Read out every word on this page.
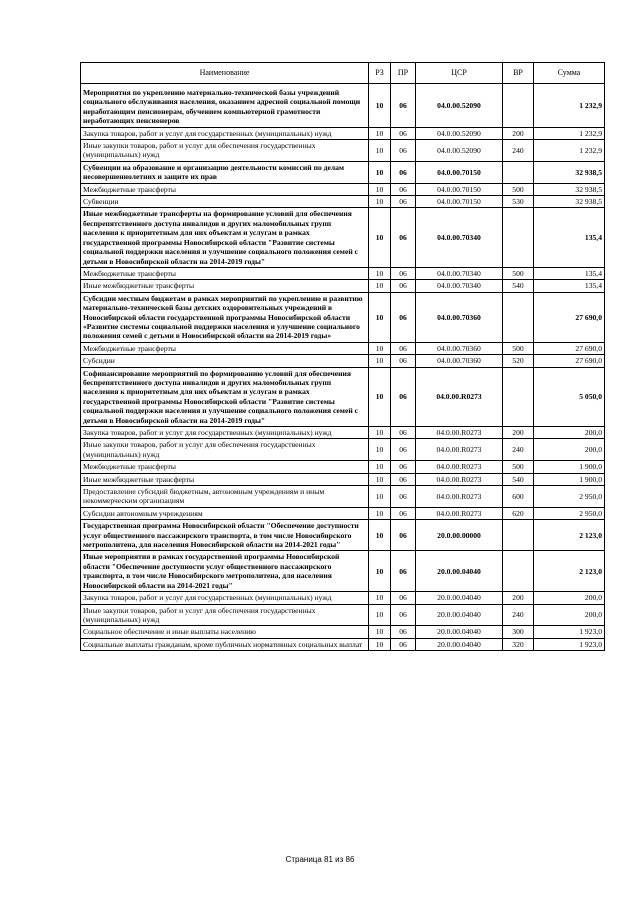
Наименование	РЗ	ПР	ЦСР	ВР	Сумма
Мероприятия по укреплению материально-технической базы учреждений социального обслуживания населения, оказанием адресной социальной помощи неработающим пенсионерам, обучением компьютерной грамотности неработающих пенсионеров	10	06	04.0.00.52090		1 232,9
Закупка товаров, работ и услуг для государственных (муниципальных) нужд	10	06	04.0.00.52090	200	1 232,9
Иные закупки товаров, работ и услуг для обеспечения государственных (муниципальных) нужд	10	06	04.0.00.52090	240	1 232,9
Субвенции на образование и организацию деятельности комиссий по делам несовершеннолетних и защите их прав	10	06	04.0.00.70150		32 938,5
Межбюджетные трансферты	10	06	04.0.00.70150	500	32 938,5
Субвенции	10	06	04.0.00.70150	530	32 938,5
Иные межбюджетные трансферты на формирование условий для обеспечения беспрепятственного доступа инвалидов и других маломобильных групп населения к приоритетным для них объектам и услугам в рамках государственной программы Новосибирской области "Развитие системы социальной поддержки населения и улучшение социального положения семей с детьми в Новосибирской области на 2014-2019 годы"	10	06	04.0.00.70340		135,4
Межбюджетные трансферты	10	06	04.0.00.70340	500	135,4
Иные межбюджетные трансферты	10	06	04.0.00.70340	540	135,4
Субсидии местным бюджетам в рамках мероприятий по укреплению и развитию материально-технической базы детских оздоровительных учреждений в Новосибирской области государственной программы Новосибирской области «Развитие системы социальной поддержки населения и улучшение социального положения семей с детьми в Новосибирской области на 2014-2019 годы»	10	06	04.0.00.70360		27 690,0
Межбюджетные трансферты	10	06	04.0.00.70360	500	27 690,0
Субсидии	10	06	04.0.00.70360	520	27 690,0
Софинансирование мероприятий по формированию условий для обеспечения беспрепятственного доступа инвалидов и других маломобильных групп населения к приоритетным для них объектам и услугам в рамках государственной программы Новосибирской области "Развитие системы социальной поддержки населения и улучшение социального положения семей с детьми в Новосибирской области на 2014-2019 годы"	10	06	04.0.00.R0273		5 050,0
Закупка товаров, работ и услуг для государственных (муниципальных) нужд	10	06	04.0.00.R0273	200	200,0
Иные закупки товаров, работ и услуг для обеспечения государственных (муниципальных) нужд	10	06	04.0.00.R0273	240	200,0
Межбюджетные трансферты	10	06	04.0.00.R0273	500	1 900,0
Иные межбюджетные трансферты	10	06	04.0.00.R0273	540	1 900,0
Предоставление субсидий бюджетным, автономным учреждениям и иным некоммерческим организациям	10	06	04.0.00.R0273	600	2 950,0
Субсидии автономным учреждениям	10	06	04.0.00.R0273	620	2 950,0
Государственная программа Новосибирской области "Обеспечение доступности услуг общественного пассажирского транспорта, в том числе Новосибирского метрополитена, для населения Новосибирской области на 2014-2021 годы"	10	06	20.0.00.00000		2 123,0
Иные мероприятия в рамках государственной программы Новосибирской области "Обеспечение доступности услуг общественного пассажирского транспорта, в том числе Новосибирского метрополитена, для населения Новосибирской области на 2014-2021 годы"	10	06	20.0.00.04040		2 123,0
Закупка товаров, работ и услуг для государственных (муниципальных) нужд	10	06	20.0.00.04040	200	200,0
Иные закупки товаров, работ и услуг для обеспечения государственных (муниципальных) нужд	10	06	20.0.00.04040	240	200,0
Социальное обеспечение и иные выплаты населению	10	06	20.0.00.04040	300	1 923,0
Социальные выплаты гражданам, кроме публичных нормативных социальных выплат	10	06	20.0.00.04040	320	1 923,0
Страница 81 из 86
